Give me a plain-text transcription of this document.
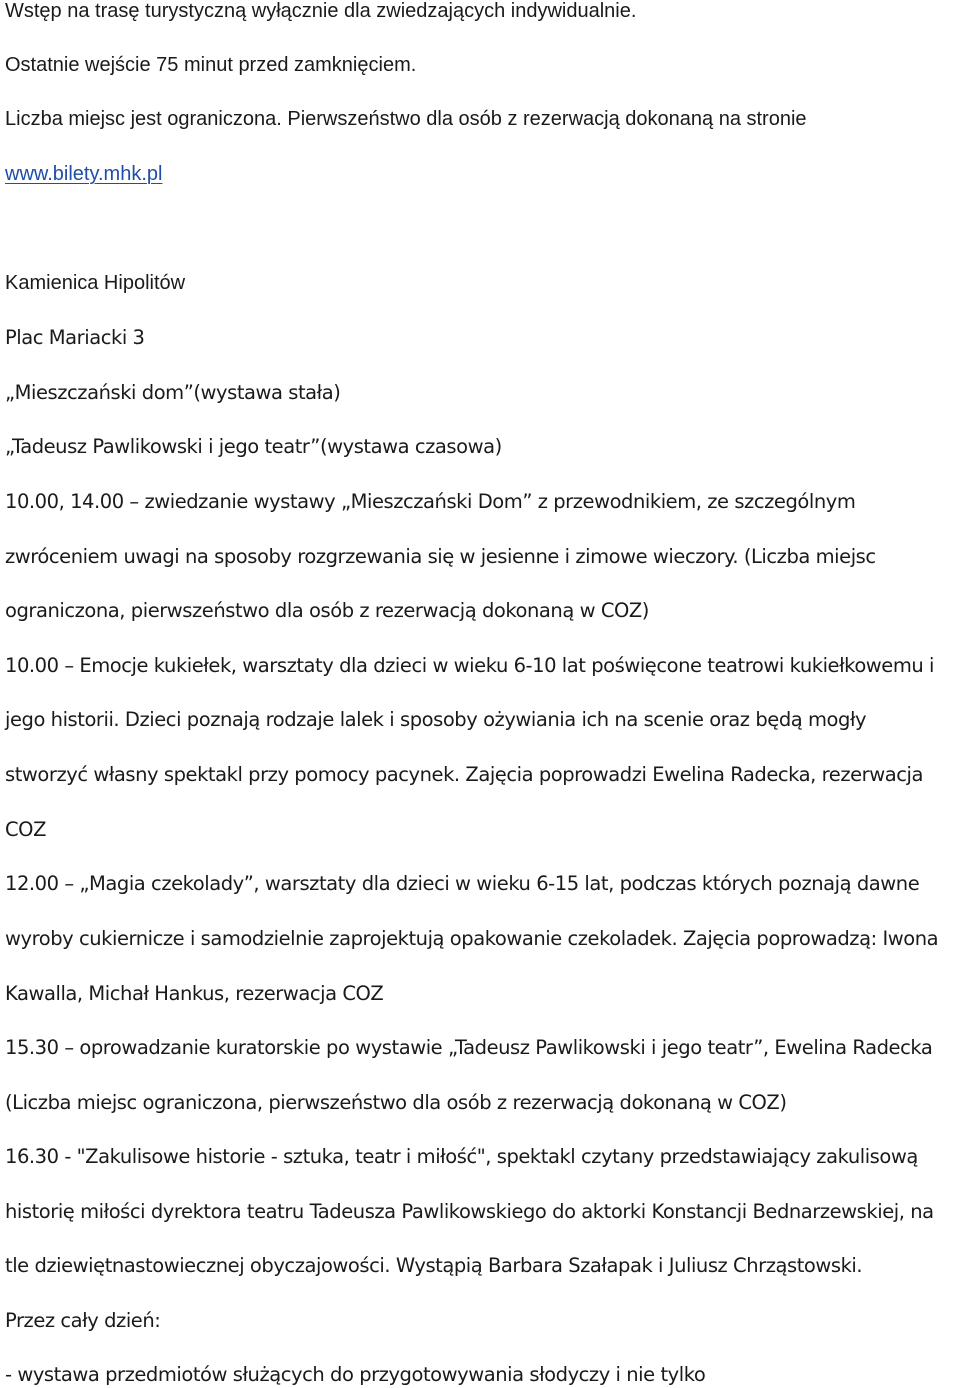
Wstęp na trasę turystyczną wyłącznie dla zwiedzających indywidualnie.
Ostatnie wejście 75 minut przed zamknięciem.
Liczba miejsc jest ograniczona. Pierwszeństwo dla osób z rezerwacją dokonaną na stronie
www.bilety.mhk.pl
Kamienica Hipolitów
Plac Mariacki 3
„Mieszczański dom”(wystawa stała)
„Tadeusz Pawlikowski i jego teatr”(wystawa czasowa)
10.00, 14.00 – zwiedzanie wystawy „Mieszczański Dom” z przewodnikiem, ze szczególnym
zwróceniem uwagi na sposoby rozgrzewania się w jesienne i zimowe wieczory. (Liczba miejsc
ograniczona, pierwszeństwo dla osób z rezerwacją dokonaną w COZ)
10.00 – Emocje kukiełek, warsztaty dla dzieci w wieku 6-10 lat poświęcone teatrowi kukiełkowemu i
jego historii. Dzieci poznają rodzaje lalek i sposoby ożywiania ich na scenie oraz będą mogły
stworzyć własny spektakl przy pomocy pacynek. Zajęcia poprowadzi Ewelina Radecka, rezerwacja
COZ
12.00 – „Magia czekolady”, warsztaty dla dzieci w wieku 6-15 lat, podczas których poznają dawne
wyroby cukiernicze i samodzielnie zaprojektują opakowanie czekoladek. Zajęcia poprowadzą: Iwona
Kawalla, Michał Hankus, rezerwacja COZ
15.30 – oprowadzanie kuratorskie po wystawie „Tadeusz Pawlikowski i jego teatr”, Ewelina Radecka
(Liczba miejsc ograniczona, pierwszeństwo dla osób z rezerwacją dokonaną w COZ)
16.30 - "Zakulisowe historie - sztuka, teatr i miłość", spektakl czytany przedstawiający zakulisową
historię miłości dyrektora teatru Tadeusza Pawlikowskiego do aktorki Konstancji Bednarzewskiej, na
tle dziewiętnastowiecznej obyczajowości. Wystąpią Barbara Szałapak i Juliusz Chrząstowski.
Przez cały dzień:
- wystawa przedmiotów służących do przygotowywania słodyczy i nie tylko
